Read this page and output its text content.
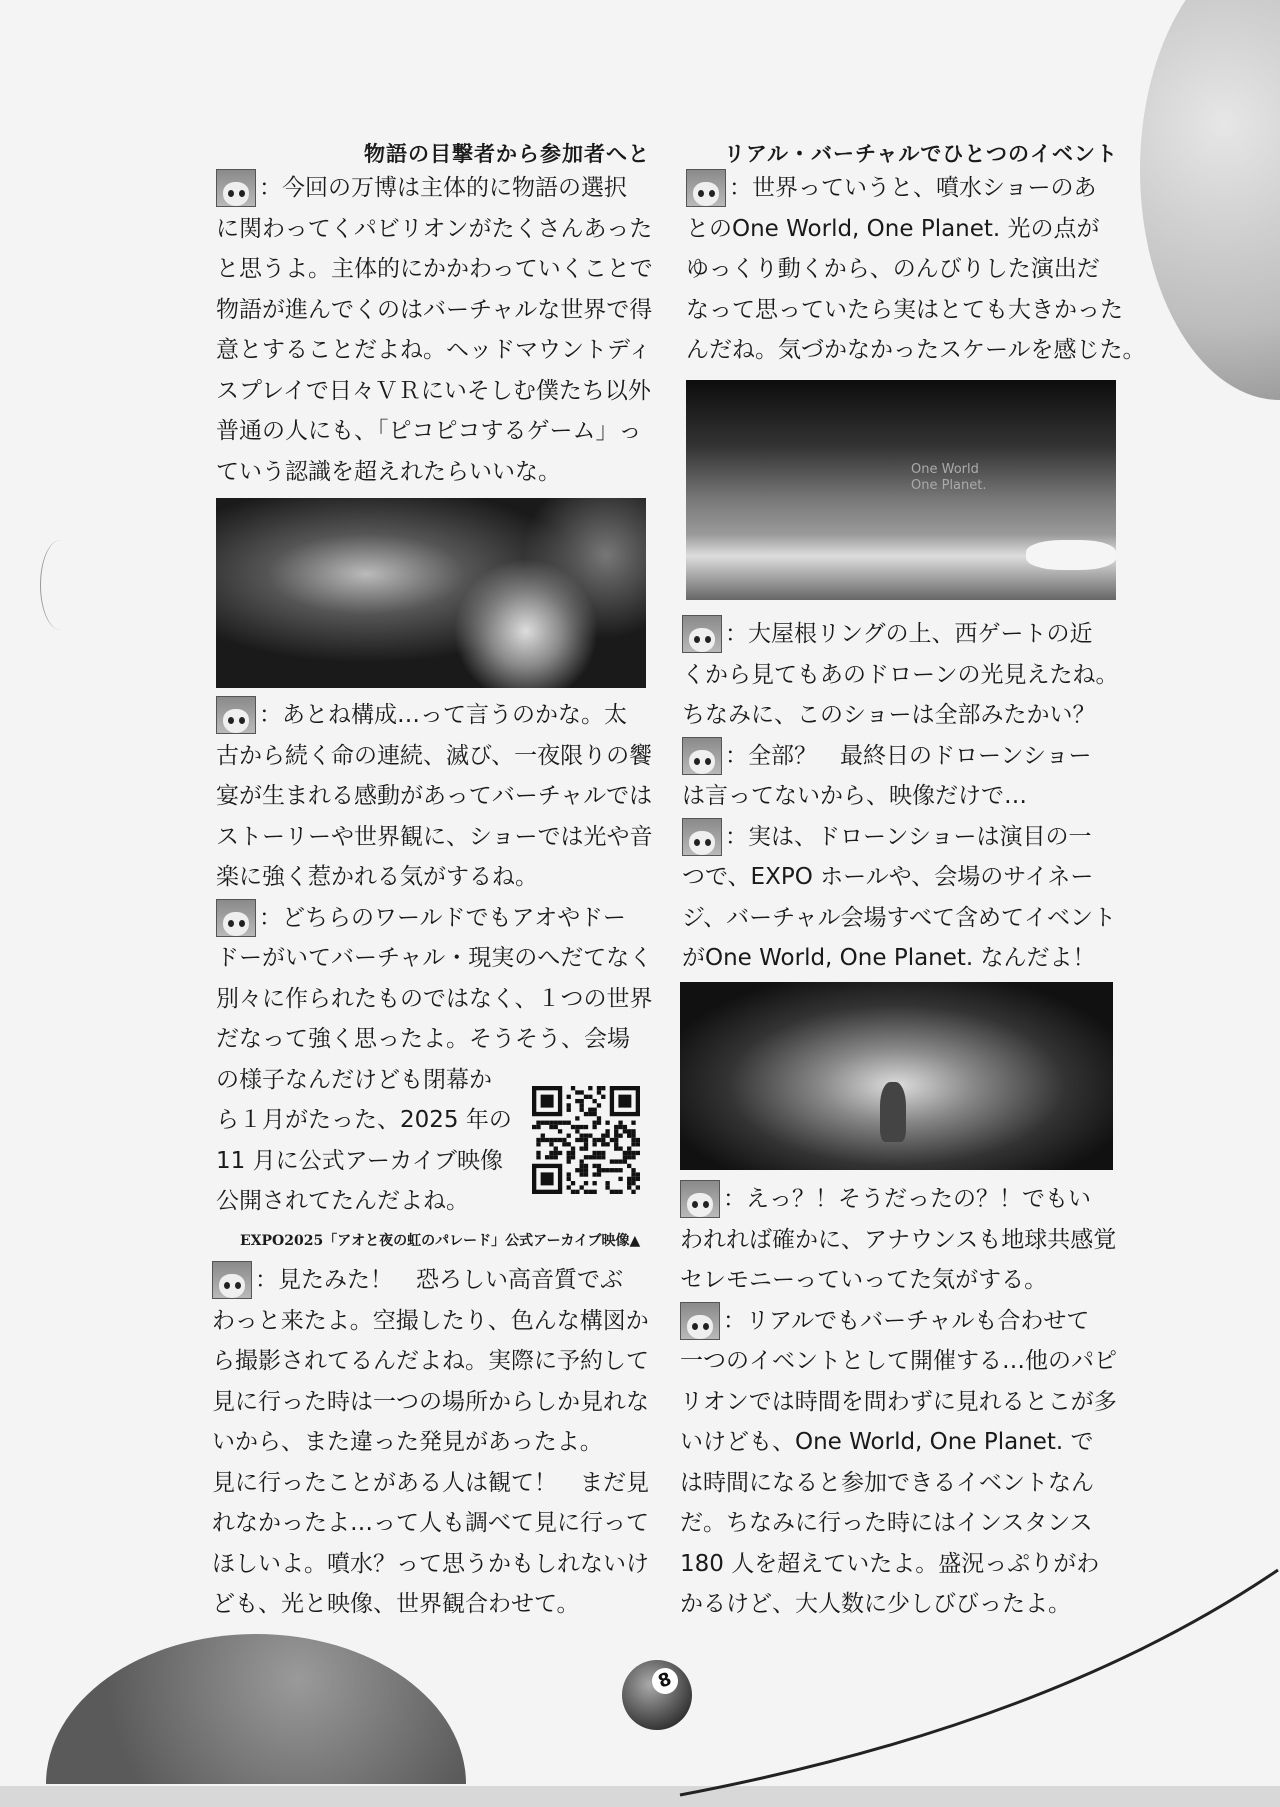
物語の目撃者から参加者へと	リアル・バーチャルでひとつのイベント
：今回の万博は主体的に物語の選択
に関わってくパビリオンがたくさんあった
と思うよ。主体的にかかわっていくことで
物語が進んでくのはバーチャルな世界で得
意とすることだよね。ヘッドマウントディ
スプレイで日々ＶＲにいそしむ僕たち以外
普通の人にも、「ピコピコするゲーム」っ
ていう認識を超えれたらいいな。
：あとね構成…って言うのかな。太
古から続く命の連続、滅び、一夜限りの饗
宴が生まれる感動があってバーチャルでは
ストーリーや世界観に、ショーでは光や音
楽に強く惹かれる気がするね。
：どちらのワールドでもアオやドー
ドーがいてバーチャル・現実のへだてなく
別々に作られたものではなく、１つの世界
だなって強く思ったよ。そうそう、会場
の様子なんだけども閉幕か
ら１月がたった、2025 年の
11 月に公式アーカイブ映像
公開されてたんだよね。
EXPO2025「アオと夜の虹のパレード」公式アーカイブ映像▲
：見たみた！　恐ろしい高音質でぶ
わっと来たよ。空撮したり、色んな構図か
ら撮影されてるんだよね。実際に予約して
見に行った時は一つの場所からしか見れな
いから、また違った発見があったよ。
見に行ったことがある人は観て！　まだ見
れなかったよ…って人も調べて見に行って
ほしいよ。噴水？って思うかもしれないけ
ども、光と映像、世界観合わせて。
：世界っていうと、噴水ショーのあ
とのOne World, One Planet. 光の点が
ゆっくり動くから、のんびりした演出だ
なって思っていたら実はとても大きかった
んだね。気づかなかったスケールを感じた。
One World
One Planet.
：大屋根リングの上、西ゲートの近
くから見てもあのドローンの光見えたね。
ちなみに、このショーは全部みたかい？
：全部？　最終日のドローンショー
は言ってないから、映像だけで…
：実は、ドローンショーは演目の一
つで、EXPO ホールや、会場のサイネー
ジ、バーチャル会場すべて含めてイベント
がOne World, One Planet. なんだよ！
：えっ？！そうだったの？！でもい
われれば確かに、アナウンスも地球共感覚
セレモニーっていってた気がする。
：リアルでもバーチャルも合わせて
一つのイベントとして開催する…他のパピ
リオンでは時間を問わずに見れるとこが多
いけども、One World, One Planet. で
は時間になると参加できるイベントなん
だ。ちなみに行った時にはインスタンス
180 人を超えていたよ。盛況っぷりがわ
かるけど、大人数に少しびびったよ。
8
